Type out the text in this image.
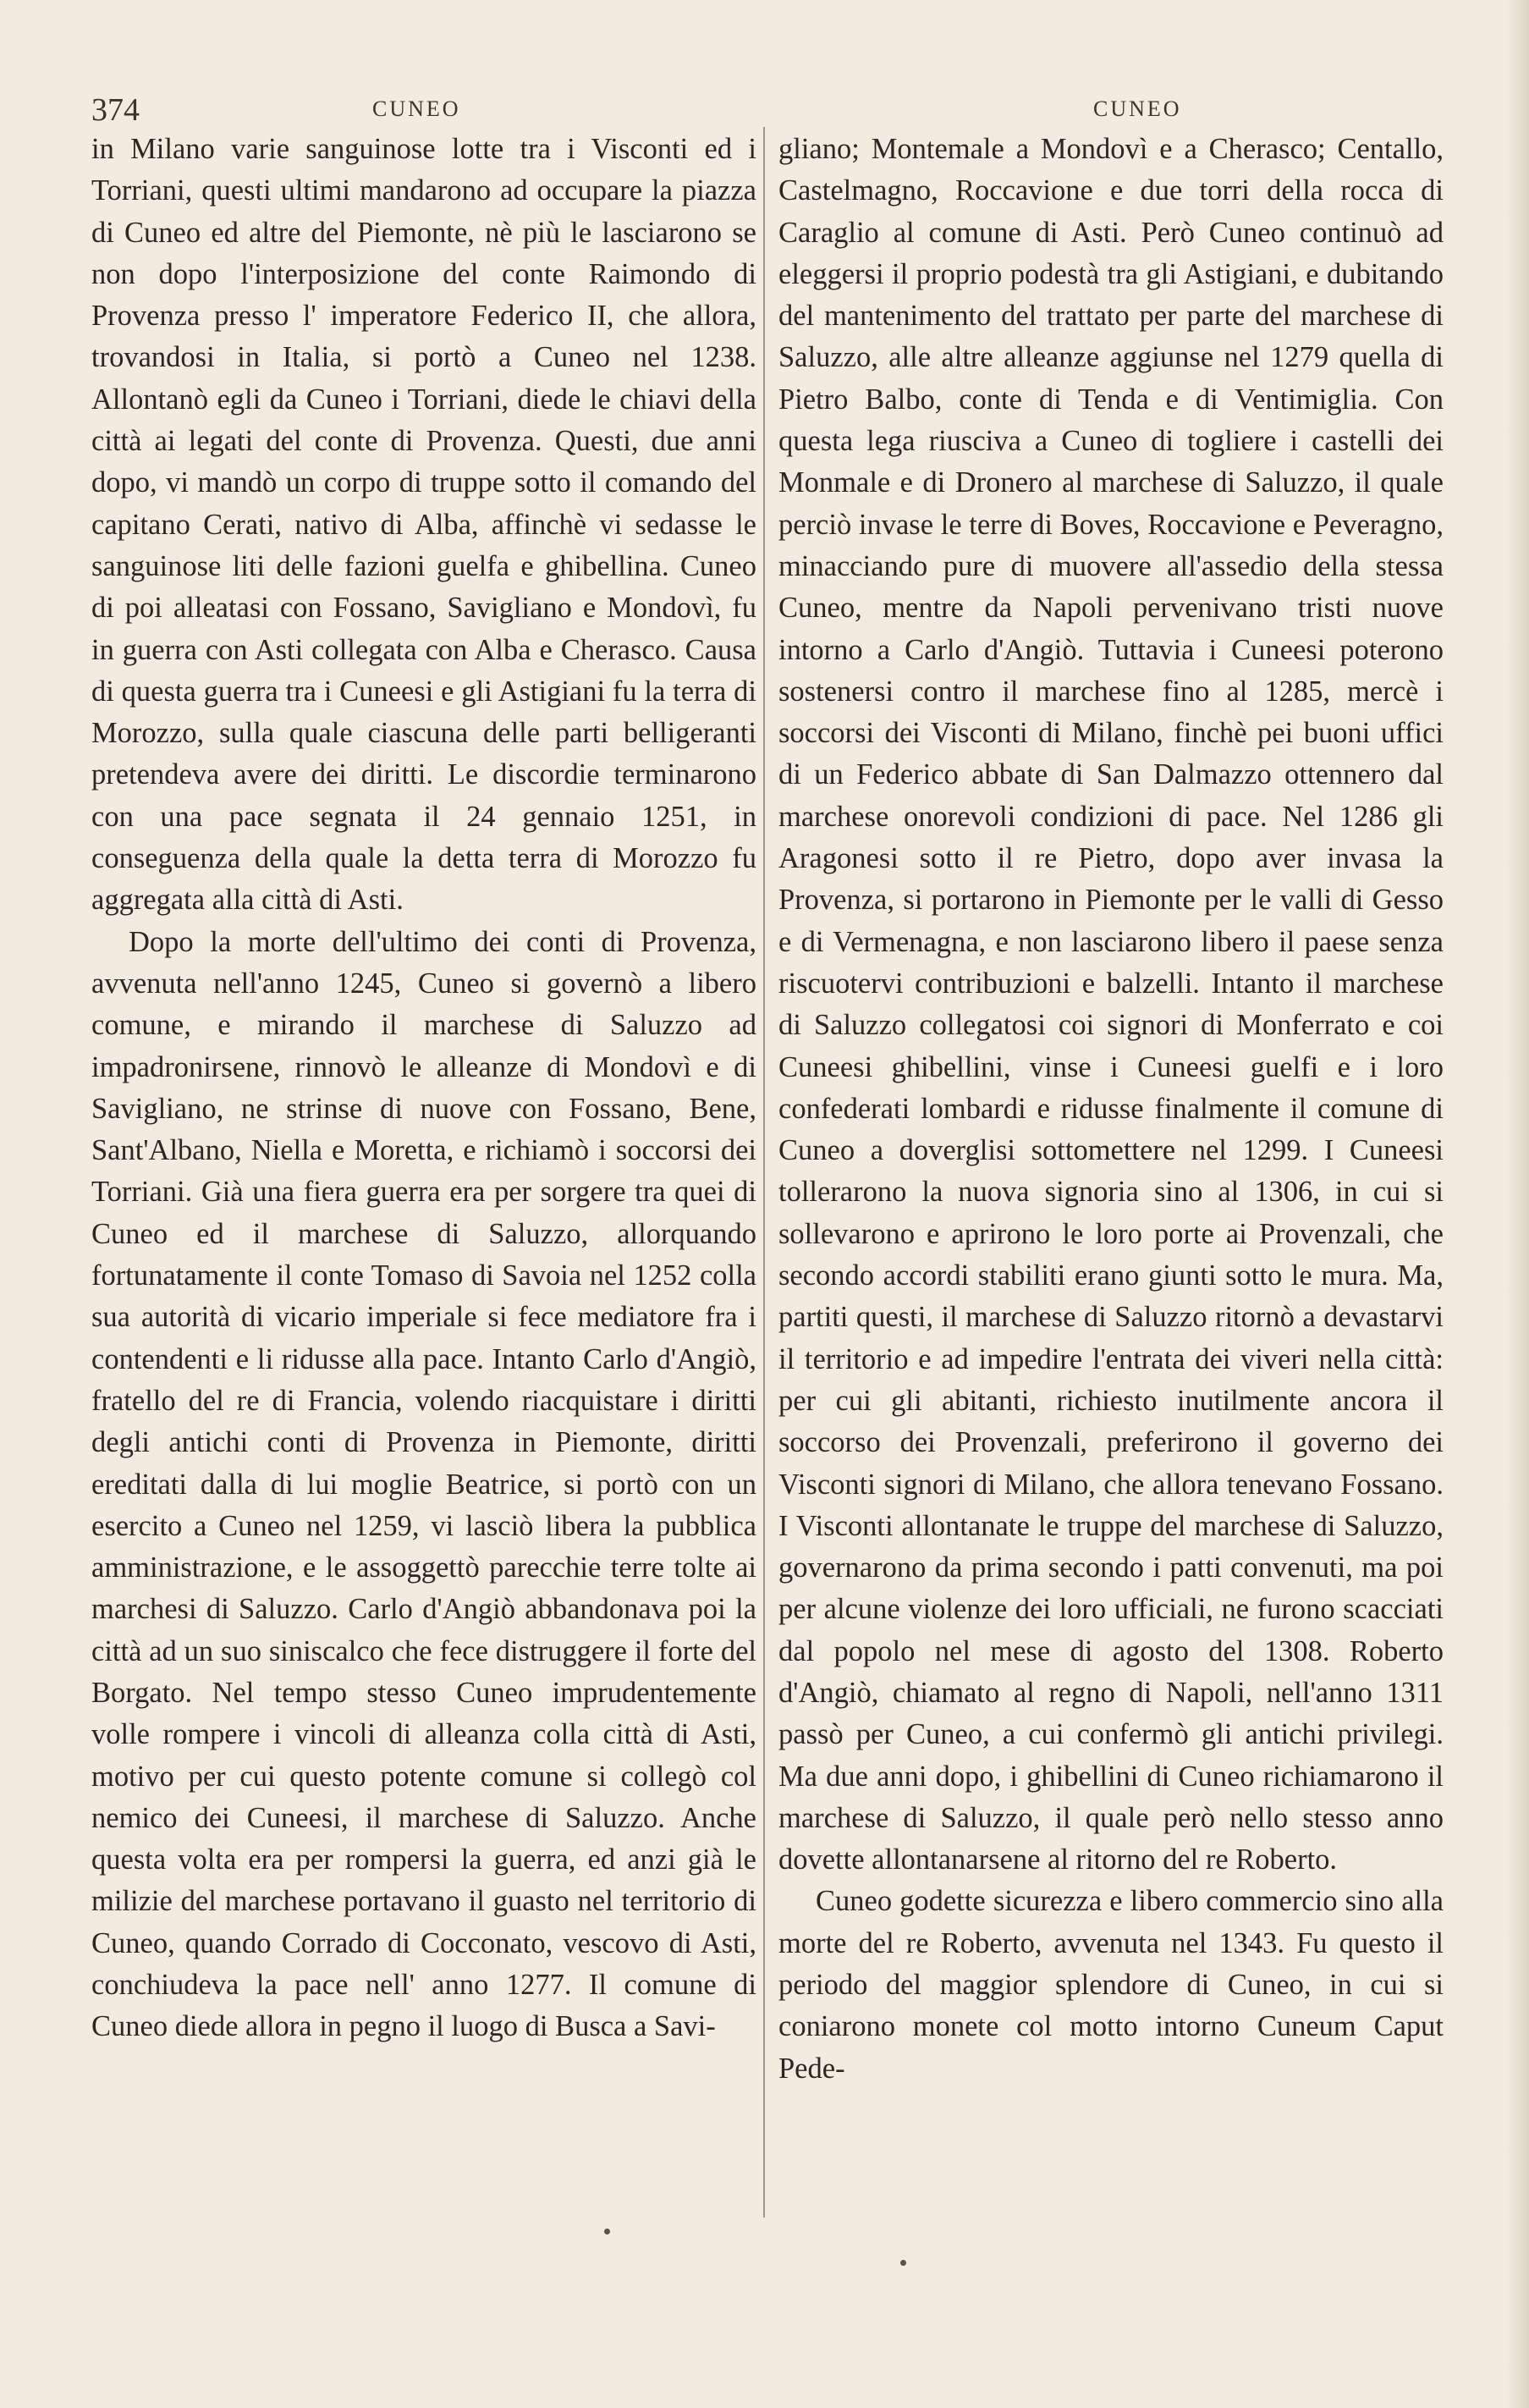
374	CUNEO	CUNEO

in Milano varie sanguinose lotte tra i Visconti ed i Torriani, questi ultimi mandarono ad occupare la piazza di Cuneo ed altre del Piemonte, nè più le lasciarono se non dopo l'interposizione del conte Raimondo di Provenza presso l' imperatore Federico II, che allora, trovandosi in Italia, si portò a Cuneo nel 1238. Allontanò egli da Cuneo i Torriani, diede le chiavi della città ai legati del conte di Provenza. Questi, due anni dopo, vi mandò un corpo di truppe sotto il comando del capitano Cerati, nativo di Alba, affinchè vi sedasse le sanguinose liti delle fazioni guelfa e ghibellina. Cuneo di poi alleatasi con Fossano, Savigliano e Mondovì, fu in guerra con Asti collegata con Alba e Cherasco. Causa di questa guerra tra i Cuneesi e gli Astigiani fu la terra di Morozzo, sulla quale ciascuna delle parti belligeranti pretendeva avere dei diritti. Le discordie terminarono con una pace segnata il 24 gennaio 1251, in conseguenza della quale la detta terra di Morozzo fu aggregata alla città di Asti.

Dopo la morte dell'ultimo dei conti di Provenza, avvenuta nell'anno 1245, Cuneo si governò a libero comune, e mirando il marchese di Saluzzo ad impadronirsene, rinnovò le alleanze di Mondovì e di Savigliano, ne strinse di nuove con Fossano, Bene, Sant'Albano, Niella e Moretta, e richiamò i soccorsi dei Torriani. Già una fiera guerra era per sorgere tra quei di Cuneo ed il marchese di Saluzzo, allorquando fortunatamente il conte Tomaso di Savoia nel 1252 colla sua autorità di vicario imperiale si fece mediatore fra i contendenti e li ridusse alla pace. Intanto Carlo d'Angiò, fratello del re di Francia, volendo riacquistare i diritti degli antichi conti di Provenza in Piemonte, diritti ereditati dalla di lui moglie Beatrice, si portò con un esercito a Cuneo nel 1259, vi lasciò libera la pubblica amministrazione, e le assoggettò parecchie terre tolte ai marchesi di Saluzzo. Carlo d'Angiò abbandonava poi la città ad un suo siniscalco che fece distruggere il forte del Borgato. Nel tempo stesso Cuneo imprudentemente volle rompere i vincoli di alleanza colla città di Asti, motivo per cui questo potente comune si collegò col nemico dei Cuneesi, il marchese di Saluzzo. Anche questa volta era per rompersi la guerra, ed anzi già le milizie del marchese portavano il guasto nel territorio di Cuneo, quando Corrado di Cocconato, vescovo di Asti, conchiudeva la pace nell' anno 1277. Il comune di Cuneo diede allora in pegno il luogo di Busca a Savi-

gliano; Montemale a Mondovì e a Cherasco; Centallo, Castelmagno, Roccavione e due torri della rocca di Caraglio al comune di Asti. Però Cuneo continuò ad eleggersi il proprio podestà tra gli Astigiani, e dubitando del mantenimento del trattato per parte del marchese di Saluzzo, alle altre alleanze aggiunse nel 1279 quella di Pietro Balbo, conte di Tenda e di Ventimiglia. Con questa lega riusciva a Cuneo di togliere i castelli dei Monmale e di Dronero al marchese di Saluzzo, il quale perciò invase le terre di Boves, Roccavione e Peveragno, minacciando pure di muovere all'assedio della stessa Cuneo, mentre da Napoli pervenivano tristi nuove intorno a Carlo d'Angiò. Tuttavia i Cuneesi poterono sostenersi contro il marchese fino al 1285, mercè i soccorsi dei Visconti di Milano, finchè pei buoni uffici di un Federico abbate di San Dalmazzo ottennero dal marchese onorevoli condizioni di pace. Nel 1286 gli Aragonesi sotto il re Pietro, dopo aver invasa la Provenza, si portarono in Piemonte per le valli di Gesso e di Vermenagna, e non lasciarono libero il paese senza riscuotervi contribuzioni e balzelli. Intanto il marchese di Saluzzo collegatosi coi signori di Monferrato e coi Cuneesi ghibellini, vinse i Cuneesi guelfi e i loro confederati lombardi e ridusse finalmente il comune di Cuneo a doverglisi sottomettere nel 1299. I Cuneesi tollerarono la nuova signoria sino al 1306, in cui si sollevarono e aprirono le loro porte ai Provenzali, che secondo accordi stabiliti erano giunti sotto le mura. Ma, partiti questi, il marchese di Saluzzo ritornò a devastarvi il territorio e ad impedire l'entrata dei viveri nella città: per cui gli abitanti, richiesto inutilmente ancora il soccorso dei Provenzali, preferirono il governo dei Visconti signori di Milano, che allora tenevano Fossano. I Visconti allontanate le truppe del marchese di Saluzzo, governarono da prima secondo i patti convenuti, ma poi per alcune violenze dei loro ufficiali, ne furono scacciati dal popolo nel mese di agosto del 1308. Roberto d'Angiò, chiamato al regno di Napoli, nell'anno 1311 passò per Cuneo, a cui confermò gli antichi privilegi. Ma due anni dopo, i ghibellini di Cuneo richiamarono il marchese di Saluzzo, il quale però nello stesso anno dovette allontanarsene al ritorno del re Roberto.

Cuneo godette sicurezza e libero commercio sino alla morte del re Roberto, avvenuta nel 1343. Fu questo il periodo del maggior splendore di Cuneo, in cui si coniarono monete col motto intorno Cuneum Caput Pede-
